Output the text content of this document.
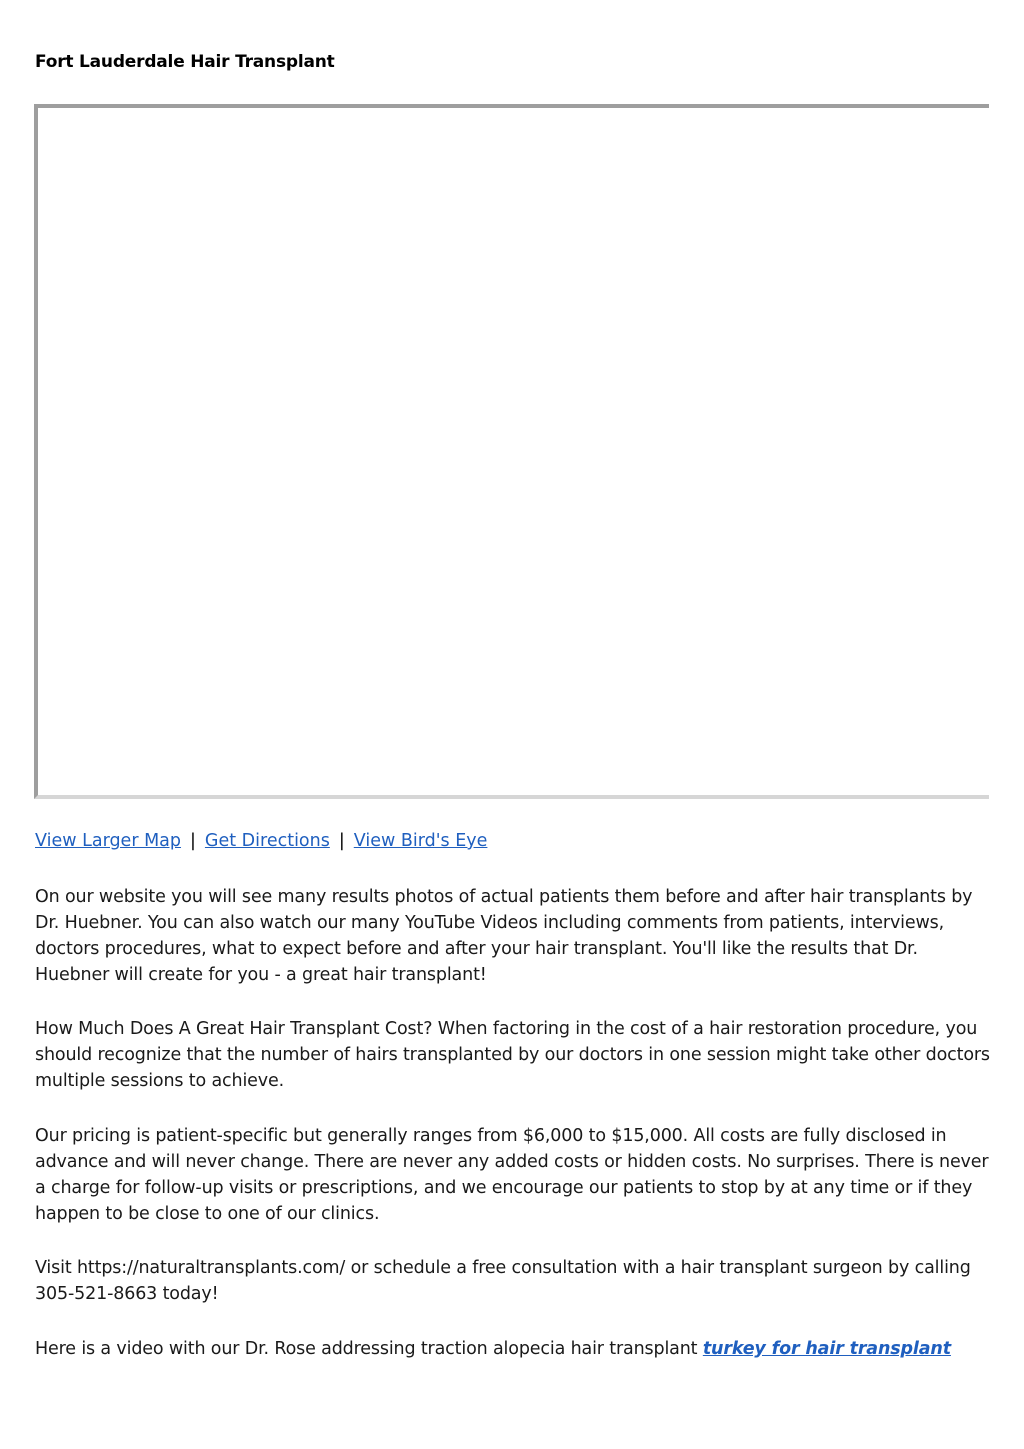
Fort Lauderdale Hair Transplant
View Larger Map | Get Directions | View Bird's Eye

On our website you will see many results photos of actual patients them before and after hair transplants by Dr. Huebner. You can also watch our many YouTube Videos including comments from patients, interviews, doctors procedures, what to expect before and after your hair transplant. You'll like the results that Dr. Huebner will create for you - a great hair transplant!

How Much Does A Great Hair Transplant Cost? When factoring in the cost of a hair restoration procedure, you should recognize that the number of hairs transplanted by our doctors in one session might take other doctors multiple sessions to achieve.

Our pricing is patient-specific but generally ranges from $6,000 to $15,000. All costs are fully disclosed in advance and will never change. There are never any added costs or hidden costs. No surprises. There is never a charge for follow-up visits or prescriptions, and we encourage our patients to stop by at any time or if they happen to be close to one of our clinics.

Visit https://naturaltransplants.com/ or schedule a free consultation with a hair transplant surgeon by calling 305-521-8663 today!

Here is a video with our Dr. Rose addressing traction alopecia hair transplant turkey for hair transplant
